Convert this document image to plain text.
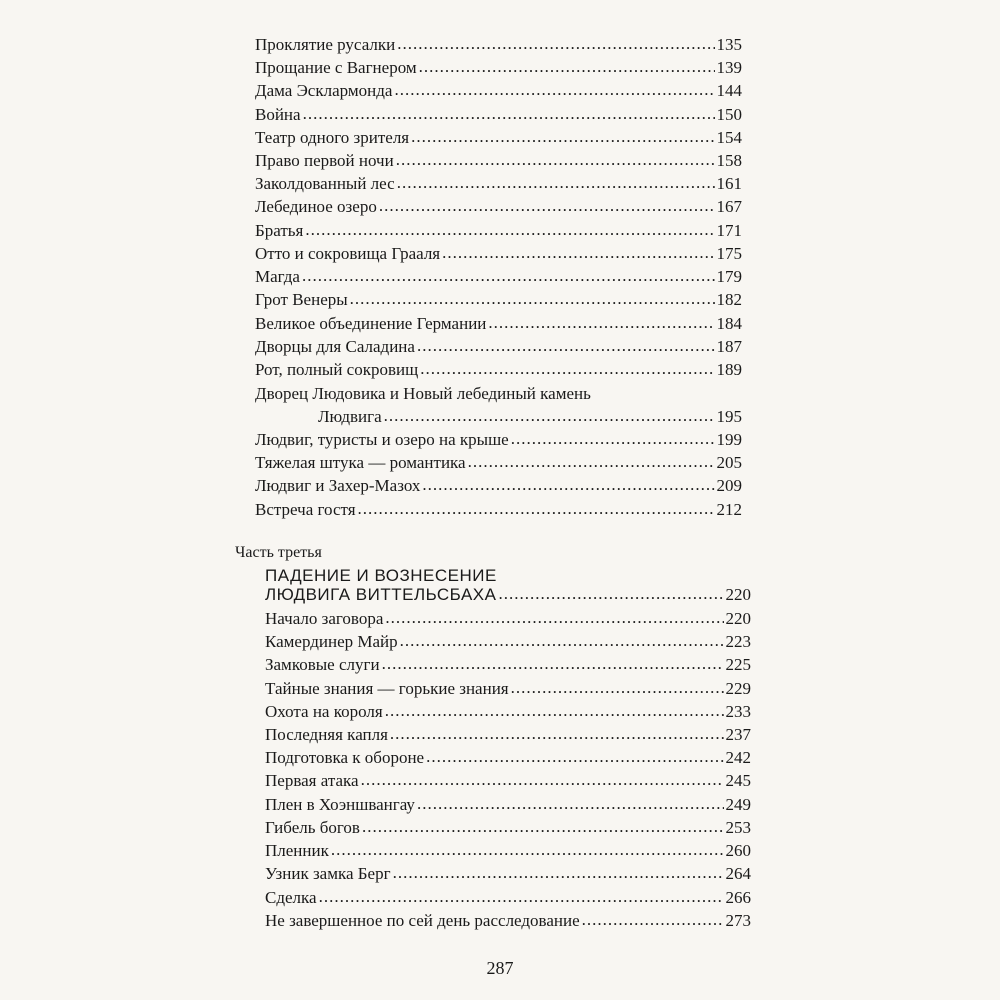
Часть третья
ПАДЕНИЕ И ВОЗНЕСЕНИЕ
ЛЮДВИГА ВИТТЕЛЬСБАХА .....	220
Проклятие русалки .....	135
Прощание с Вагнером .....	139
Дама Эсклармонда .....	144
Война .....	150
Театр одного зрителя .....	154
Право первой ночи .....	158
Заколдованный лес .....	161
Лебединое озеро .....	167
Братья .....	171
Отто и сокровища Грааля .....	175
Магда .....	179
Грот Венеры .....	182
Великое объединение Германии .....	184
Дворцы для Саладина .....	187
Рот, полный сокровищ .....	189
Дворец Людовика и Новый лебединый камень
Людвига .....	195
Людвиг, туристы и озеро на крыше .....	199
Тяжелая штука — романтика .....	205
Людвиг и Захер-Мазох .....	209
Встреча гостя .....	212
Начало заговора .....	220
Камердинер Майр .....	223
Замковые слуги .....	225
Тайные знания — горькие знания .....	229
Охота на короля .....	233
Последняя капля .....	237
Подготовка к обороне .....	242
Первая атака .....	245
Плен в Хоэншвангау .....	249
Гибель богов .....	253
Пленник .....	260
Узник замка Берг .....	264
Сделка .....	266
Не завершенное по сей день расследование .....	273
287
